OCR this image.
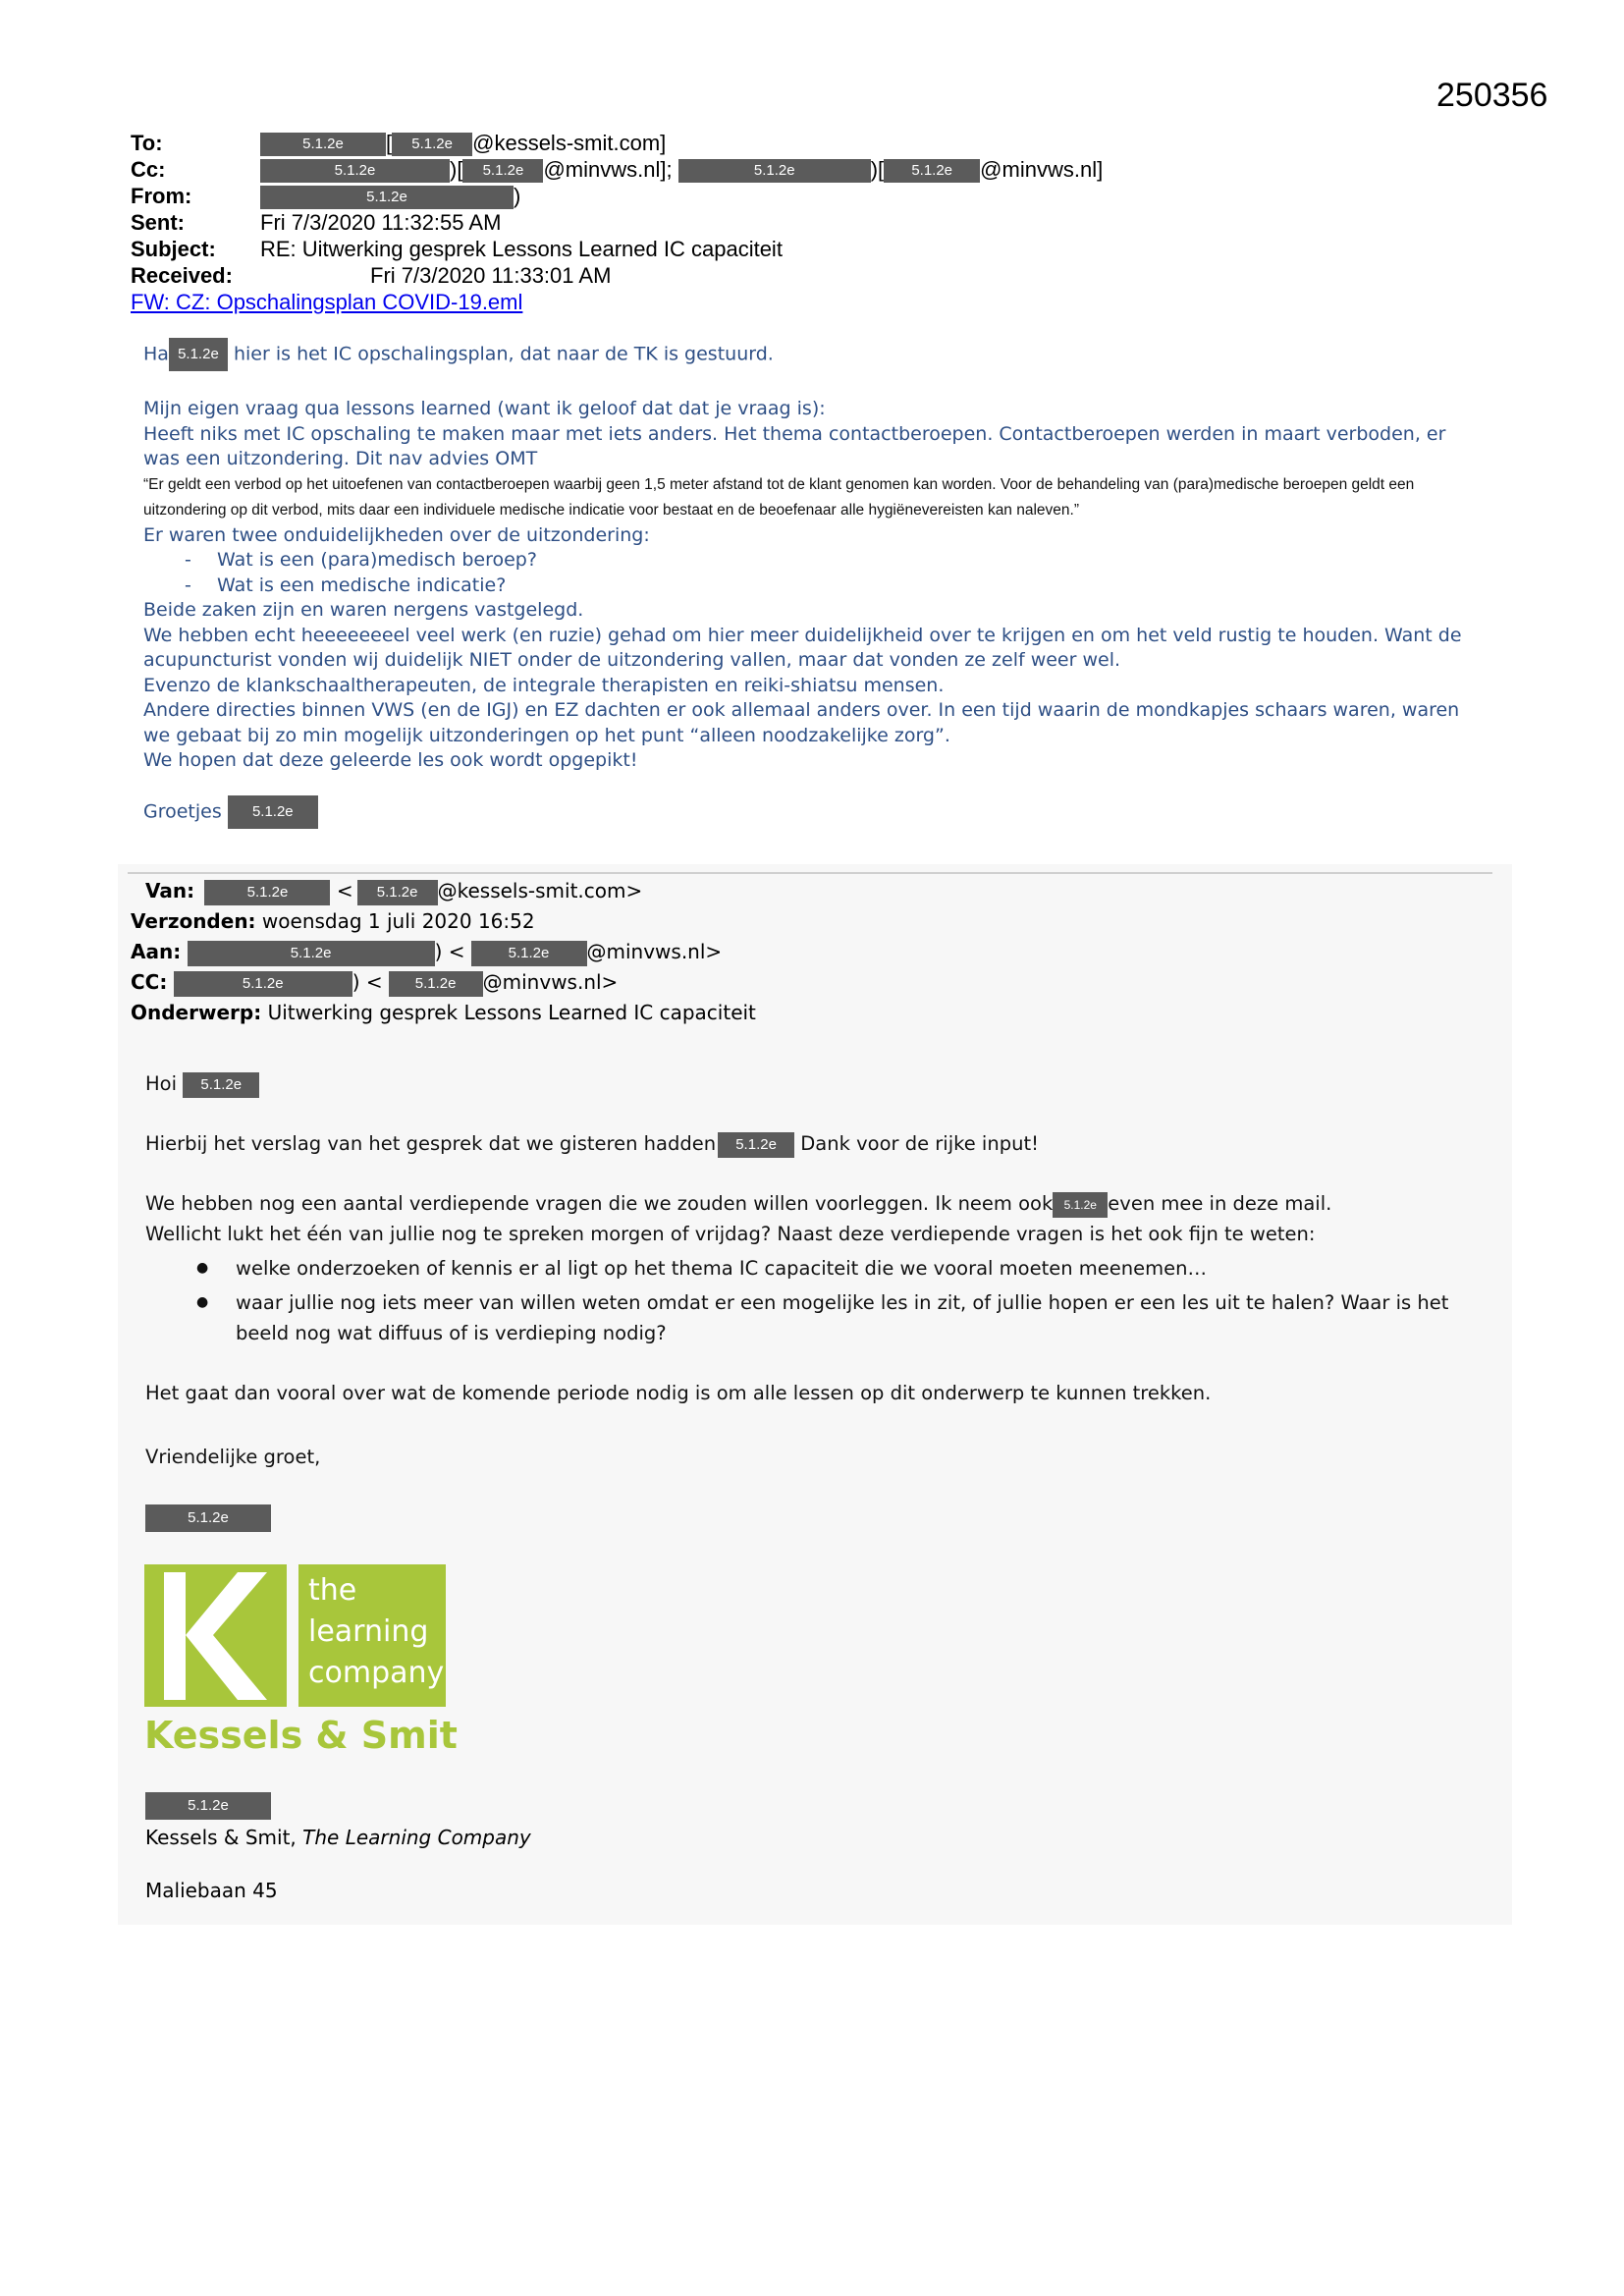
250356
To:	5.1.2e [ 5.1.2e @kessels-smit.com]
Cc:	5.1.2e	)[ 5.1.2e @minvws.nl];	5.1.2e	)[ 5.1.2e @minvws.nl]
From:	5.1.2e	)
Sent:	Fri 7/3/2020 11:32:55 AM
Subject: RE: Uitwerking gesprek Lessons Learned IC capaciteit
Received:	Fri 7/3/2020 11:33:01 AM
FW: CZ: Opschalingsplan COVID-19.eml

Ha 5.1.2e hier is het IC opschalingsplan, dat naar de TK is gestuurd.

Mijn eigen vraag qua lessons learned (want ik geloof dat dat je vraag is):

Heeft niks met IC opschaling te maken maar met iets anders. Het thema contactberoepen. Contactberoepen werden in maart verboden, er was een uitzondering. Dit nav advies OMT

“Er geldt een verbod op het uitoefenen van contactberoepen waarbij geen 1,5 meter afstand tot de klant genomen kan worden. Voor de behandeling van (para)medische beroepen geldt een uitzondering op dit verbod, mits daar een individuele medische indicatie voor bestaat en de beoefenaar alle hygiënevereisten kan naleven.”

Er waren twee onduidelijkheden over de uitzondering:

- Wat is een (para)medisch beroep?
- Wat is een medische indicatie?

Beide zaken zijn en waren nergens vastgelegd.

We hebben echt heeeeeeeel veel werk (en ruzie) gehad om hier meer duidelijkheid over te krijgen en om het veld rustig te houden. Want de acupuncturist vonden wij duidelijk NIET onder de uitzondering vallen, maar dat vonden ze zelf weer wel.

Evenzo de klankschaaltherapeuten, de integrale therapisten en reiki-shiatsu mensen.

Andere directies binnen VWS (en de IGJ) en EZ dachten er ook allemaal anders over. In een tijd waarin de mondkapjes schaars waren, waren we gebaat bij zo min mogelijk uitzonderingen op het punt “alleen noodzakelijke zorg”.

We hopen dat deze geleerde les ook wordt opgepikt!

Groetjes 5.1.2e

Van:	5.1.2e < 5.1.2e @kessels-smit.com>
Verzonden: woensdag 1 juli 2020 16:52
Aan:	5.1.2e	) <	5.1.2e @minvws.nl>
CC:	5.1.2e	) < 5.1.2e @minvws.nl>
Onderwerp: Uitwerking gesprek Lessons Learned IC capaciteit

Hoi 5.1.2e

Hierbij het verslag van het gesprek dat we gisteren hadden 5.1.2e Dank voor de rijke input!

We hebben nog een aantal verdiepende vragen die we zouden willen voorleggen. Ik neem ook 5.1.2e even mee in deze mail.

Wellicht lukt het één van jullie nog te spreken morgen of vrijdag? Naast deze verdiepende vragen is het ook fijn te weten:

● welke onderzoeken of kennis er al ligt op het thema IC capaciteit die we vooral moeten meenemen…
● waar jullie nog iets meer van willen weten omdat er een mogelijke les in zit, of jullie hopen er een les uit te halen? Waar is het beeld nog wat diffuus of is verdieping nodig?

Het gaat dan vooral over wat de komende periode nodig is om alle lessen op dit onderwerp te kunnen trekken.

Vriendelijke groet,

5.1.2e
the
learning
company
Kessels & Smit
5.1.2e
Kessels & Smit, The Learning Company
Maliebaan 45
